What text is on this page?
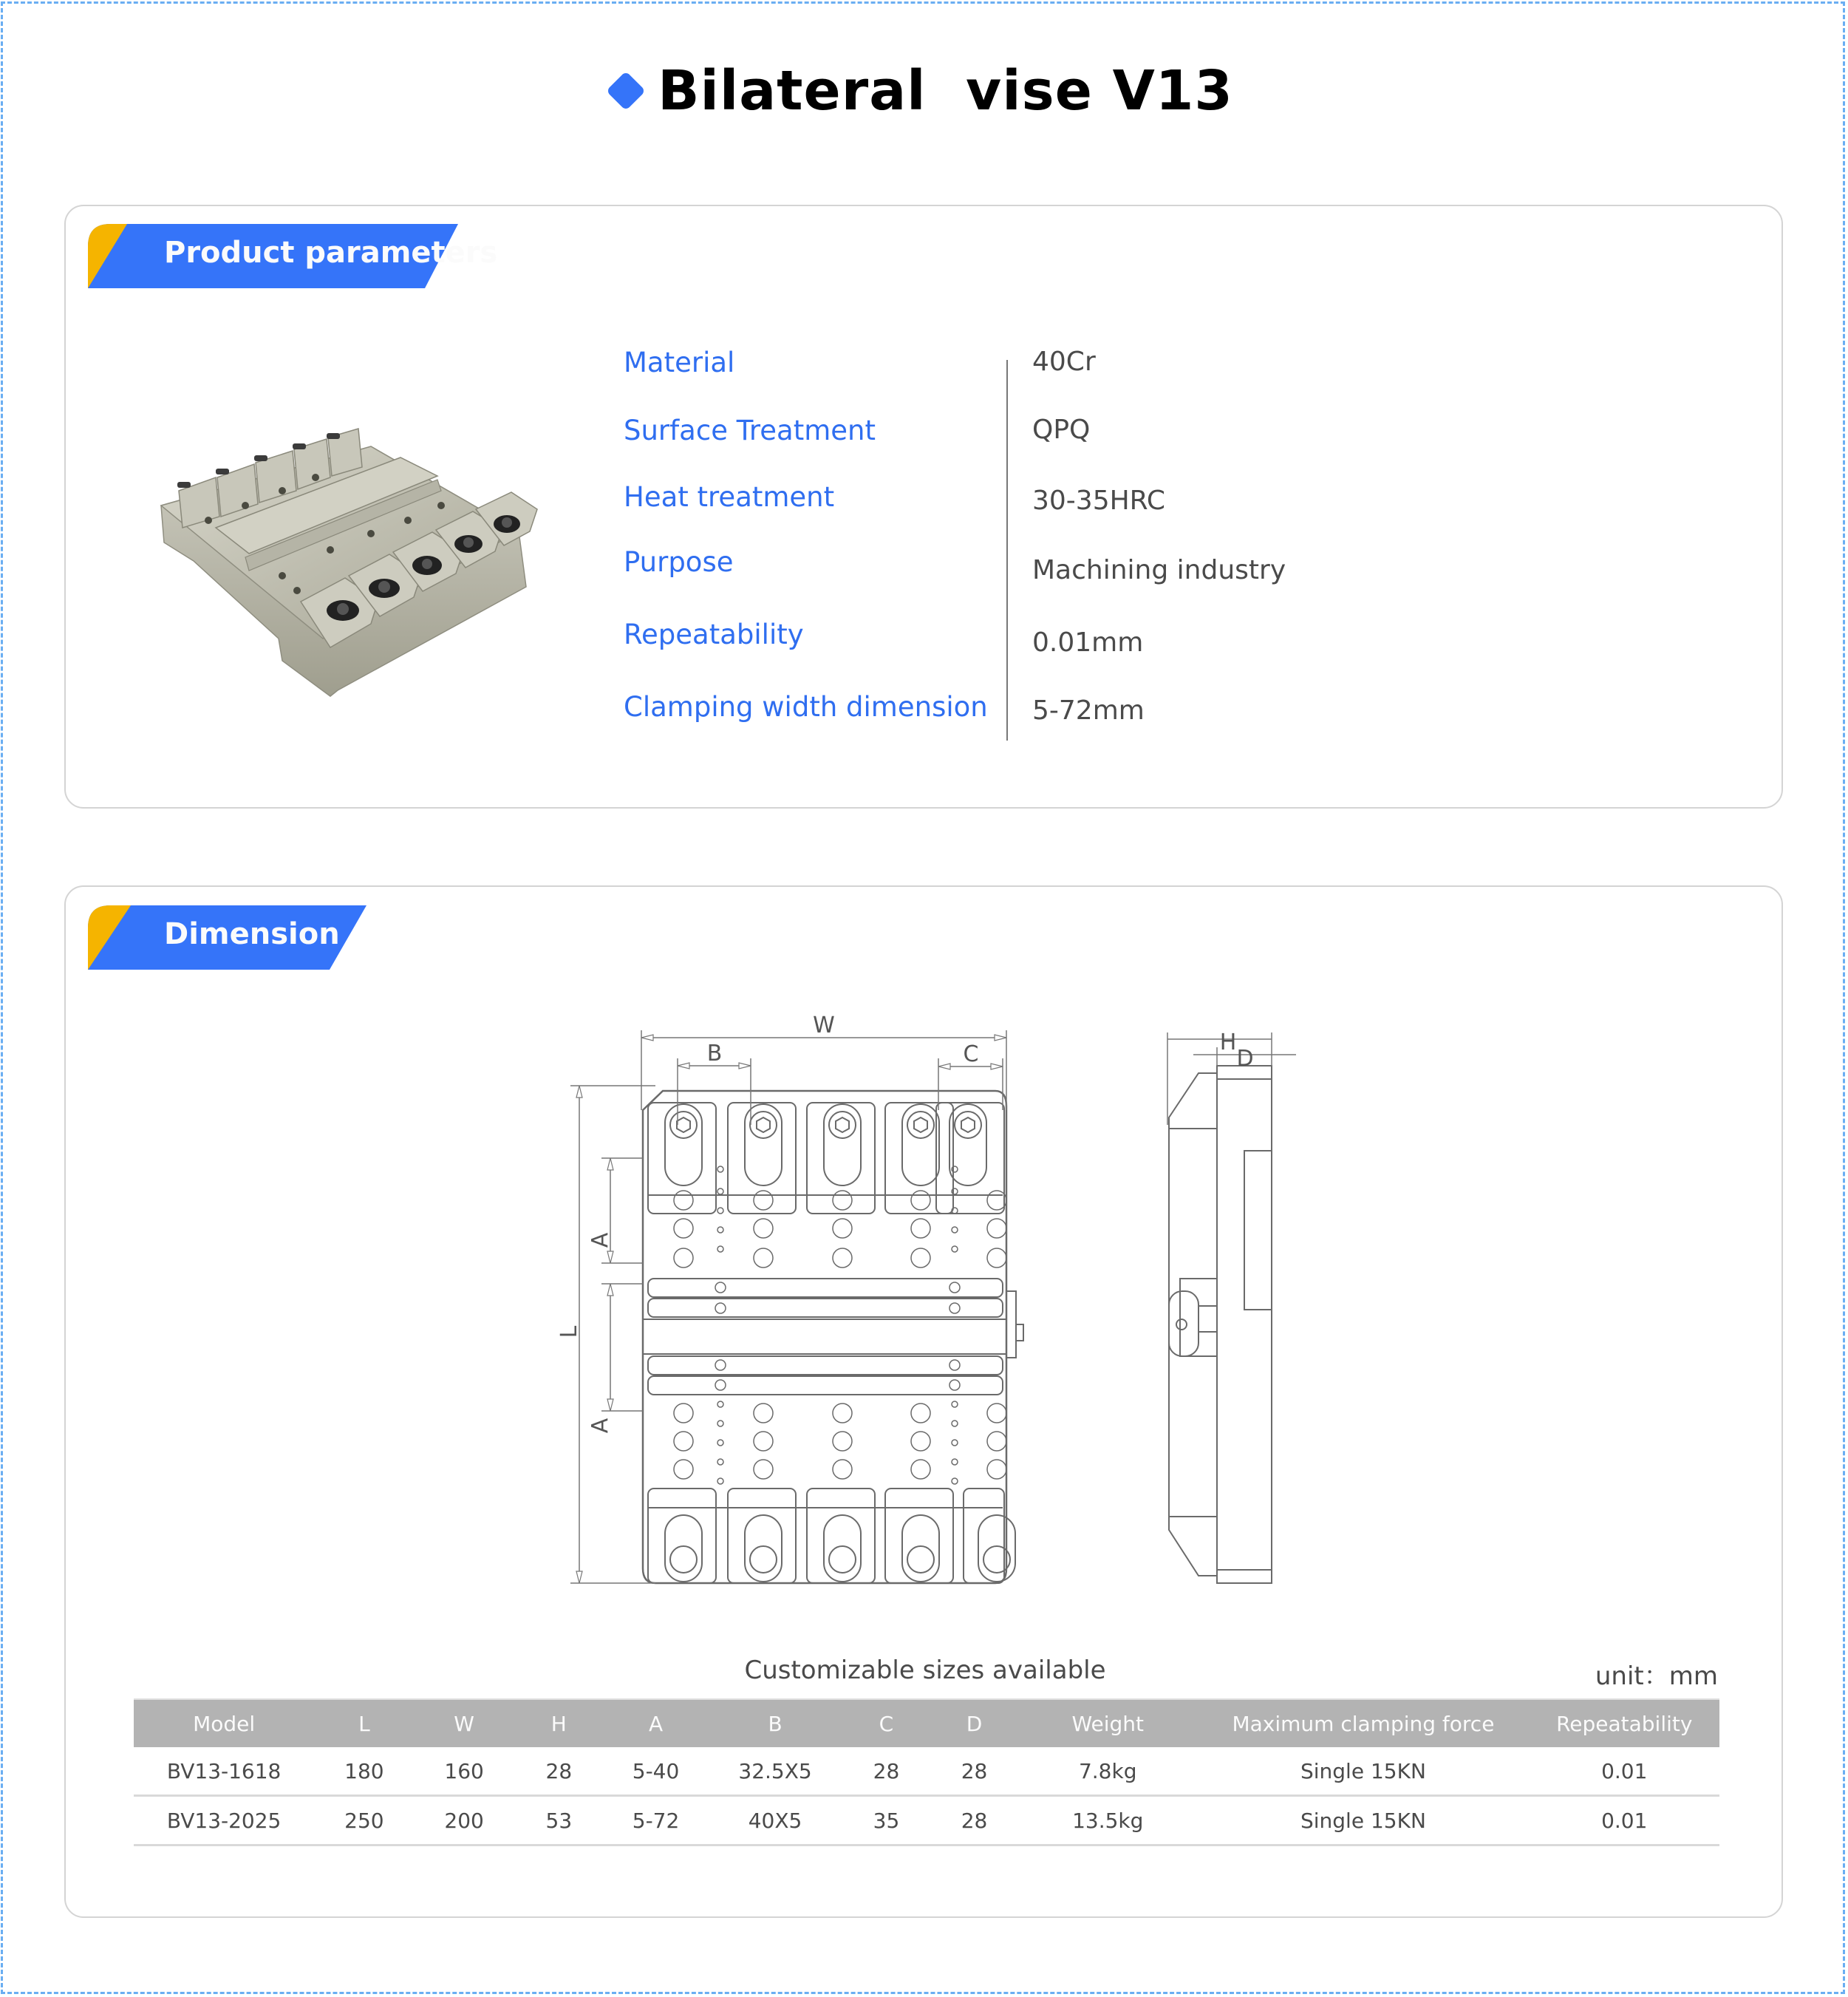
Bilateral  vise V13
Product parameters
Material	40Cr
Surface Treatment	QPQ
Heat treatment	30-35HRC
Purpose	Machining industry
Repeatability	0.01mm
Clamping width dimension 5-72mm
Dimension
W
B	C	H
D
L
A
A
Customizable sizes available	unit：mm
Model	L	W	H	A	B	C	D	Weight	Maximum clamping force	Repeatability
BV13-1618	180	160	28	5-40	32.5X5	28	28	7.8kg	Single 15KN	0.01
BV13-2025	250	200	53	5-72	40X5	35	28	13.5kg	Single 15KN	0.01
